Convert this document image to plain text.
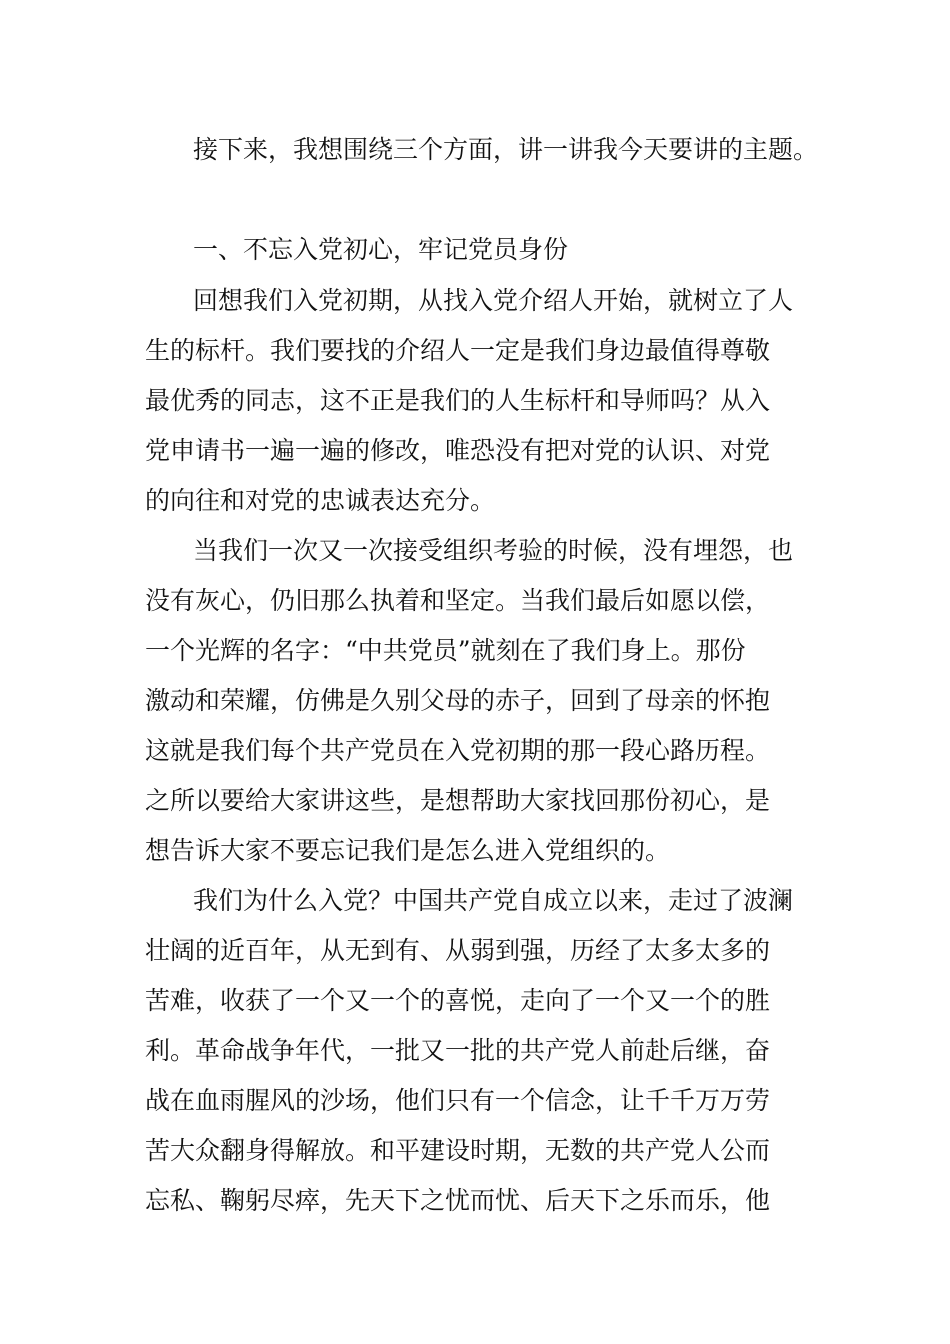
接下来，我想围绕三个方面，讲一讲我今天要讲的主题。

一、不忘入党初心，牢记党员身份

回想我们入党初期，从找入党介绍人开始，就树立了人

生的标杆。我们要找的介绍人一定是我们身边最值得尊敬

最优秀的同志，这不正是我们的人生标杆和导师吗？从入

党申请书一遍一遍的修改，唯恐没有把对党的认识、对党

的向往和对党的忠诚表达充分。

当我们一次又一次接受组织考验的时候，没有埋怨，也

没有灰心，仍旧那么执着和坚定。当我们最后如愿以偿，

一个光辉的名字：“中共党员”就刻在了我们身上。那份

激动和荣耀，仿佛是久别父母的赤子，回到了母亲的怀抱

这就是我们每个共产党员在入党初期的那一段心路历程。

之所以要给大家讲这些，是想帮助大家找回那份初心，是

想告诉大家不要忘记我们是怎么进入党组织的。

我们为什么入党？中国共产党自成立以来，走过了波澜

壮阔的近百年，从无到有、从弱到强，历经了太多太多的

苦难，收获了一个又一个的喜悦，走向了一个又一个的胜

利。革命战争年代，一批又一批的共产党人前赴后继，奋

战在血雨腥风的沙场，他们只有一个信念，让千千万万劳

苦大众翻身得解放。和平建设时期，无数的共产党人公而

忘私、鞠躬尽瘁，先天下之忧而忧、后天下之乐而乐，他
